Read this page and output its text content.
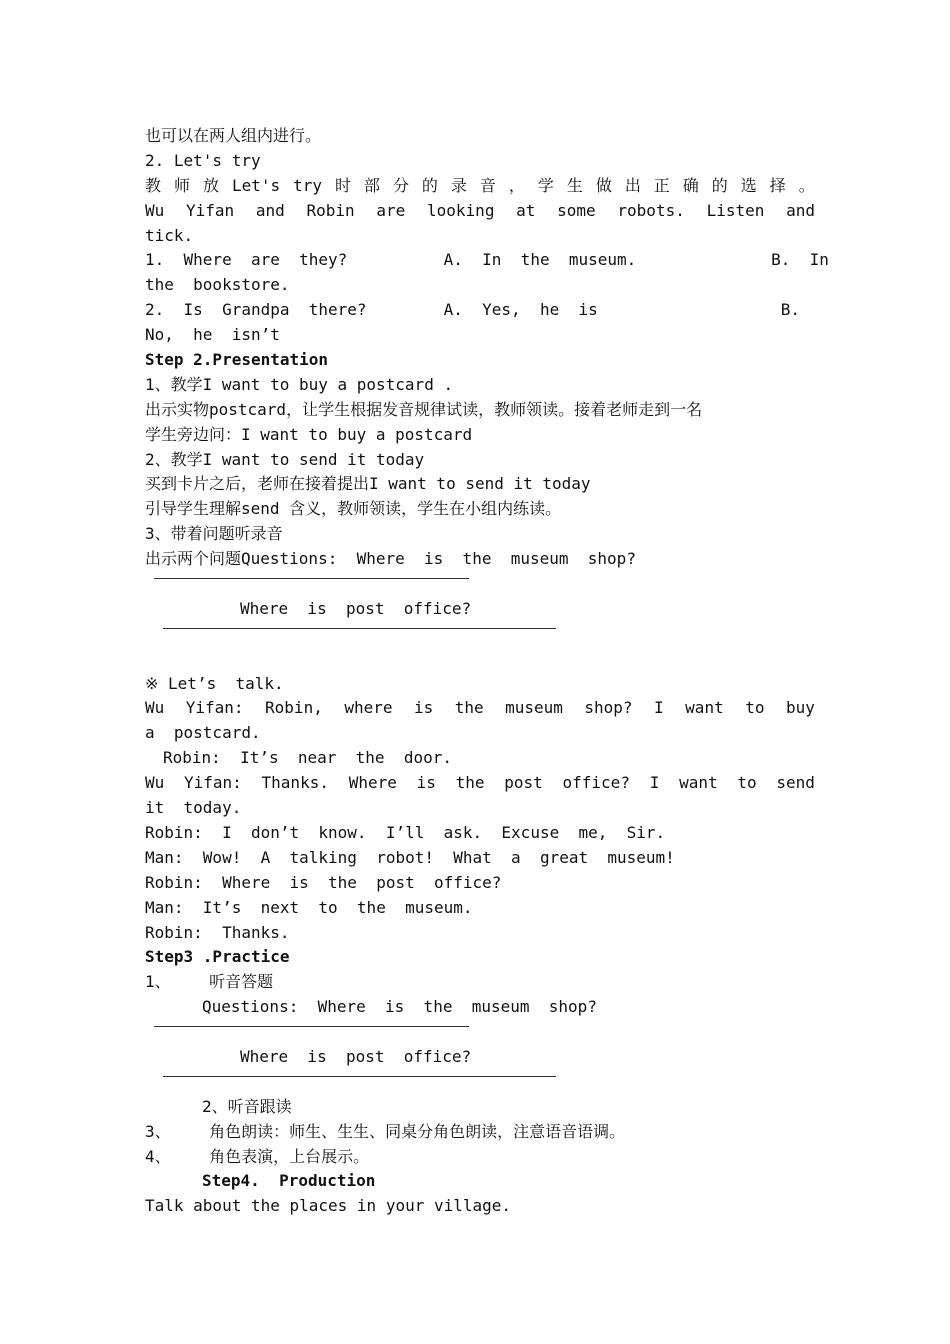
也可以在两人组内进行。
2. Let's try
教 师 放 Let's try 时 部 分 的 录 音 ， 学 生 做 出 正 确 的 选 择 。
Wu Yifan and Robin are looking at some robots. Listen and
tick.
1.  Where  are  they?          A.  In  the  museum.              B.  In
the  bookstore.
2.  Is  Grandpa  there?        A.  Yes,  he  is                   B.
No,  he  isn’t
Step 2.Presentation
1、教学I want to buy a postcard .
出示实物postcard，让学生根据发音规律试读，教师领读。接着老师走到一名
学生旁边问：I want to buy a postcard
2、教学I want to send it today
买到卡片之后，老师在接着提出I want to send it today
引导学生理解send 含义，教师领读，学生在小组内练读。
3、带着问题听录音
出示两个问题Questions:  Where  is  the  museum  shop?
Where  is  post  office?
※ Let’s  talk.
Wu Yifan: Robin, where is the museum shop? I want to buy
a  postcard.
Robin:  It’s  near  the  door.
Wu Yifan: Thanks. Where is the post office? I want to send
it  today.
Robin:  I  don’t  know.  I’ll  ask.  Excuse  me,  Sir.
Man:  Wow!  A  talking  robot!  What  a  great  museum!
Robin:  Where  is  the  post  office?
Man:  It’s  next  to  the  museum.
Robin:  Thanks.
Step3 .Practice
1、    听音答题
Questions:  Where  is  the  museum  shop?
Where  is  post  office?
2、听音跟读
3、    角色朗读：师生、生生、同桌分角色朗读，注意语音语调。
4、    角色表演，上台展示。
Step4.  Production
Talk about the places in your village.
